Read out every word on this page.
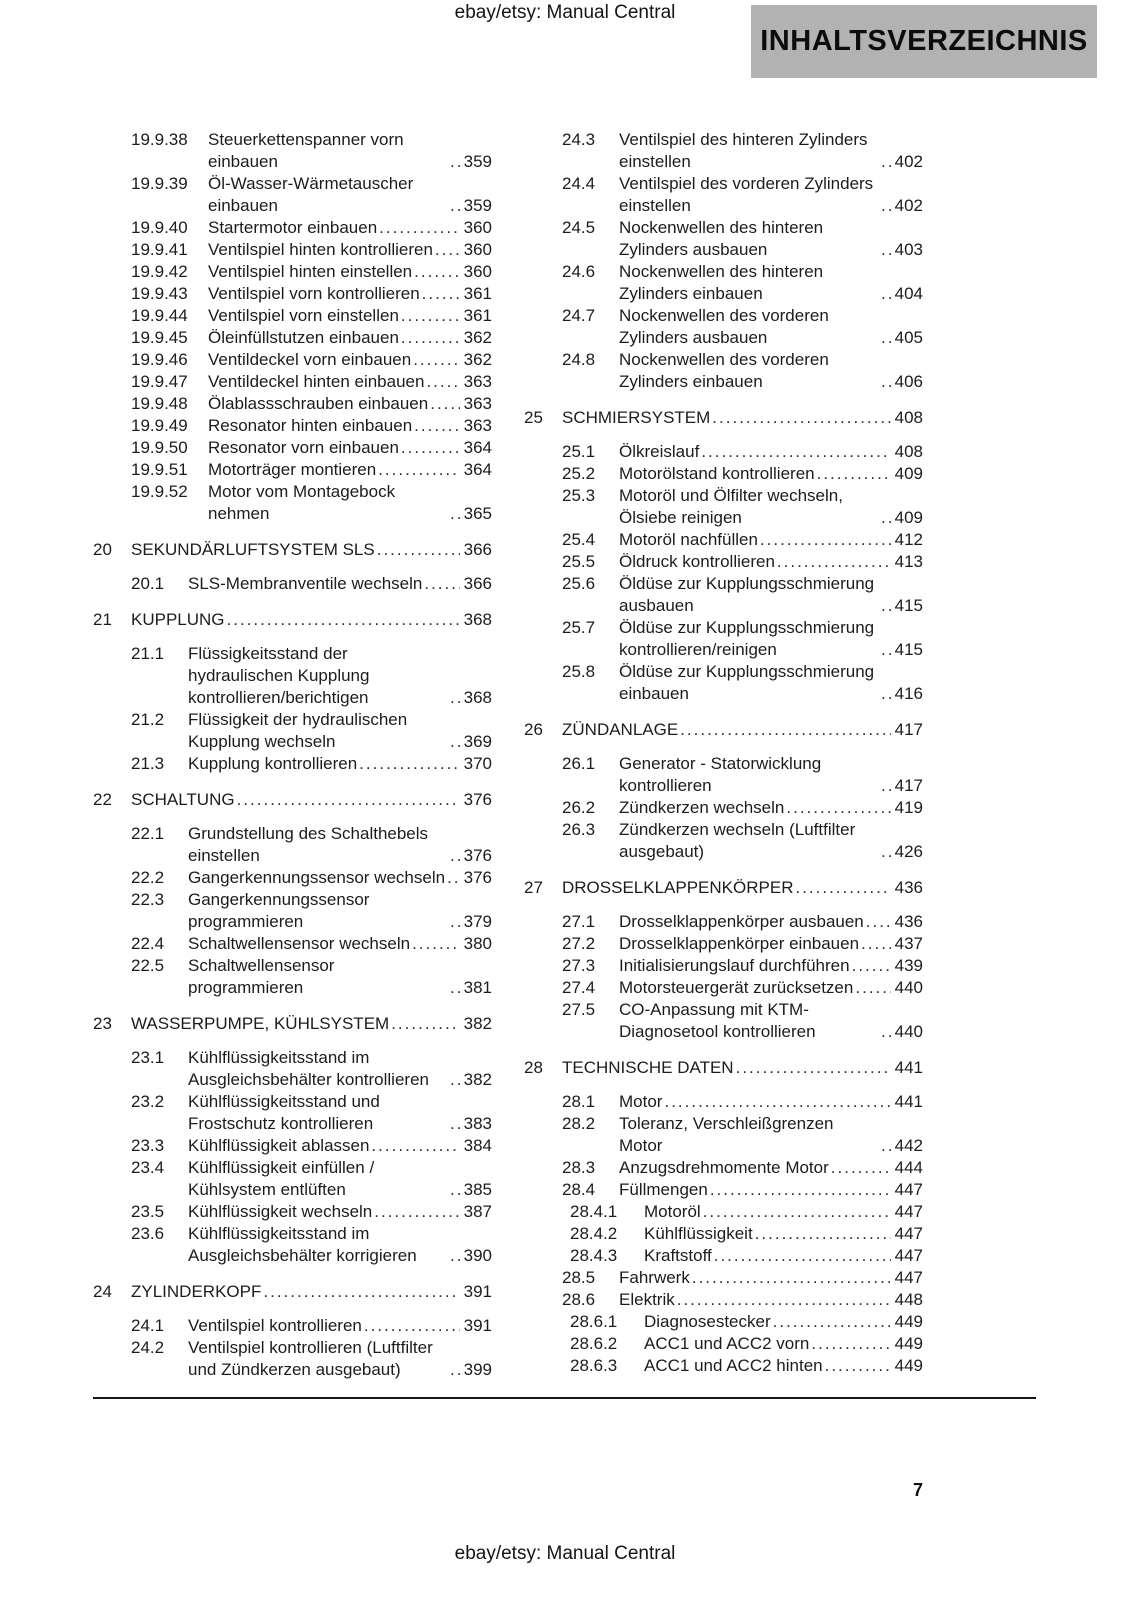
ebay/etsy: Manual Central
INHALTSVERZEICHNIS
19.9.38	Steuerkettenspanner vorn einbauen .....	359
19.9.39	Öl-Wasser-Wärmetauscher einbauen .....	359
19.9.40	Startermotor einbauen .....	360
19.9.41	Ventilspiel hinten kontrollieren ..... 360
19.9.42	Ventilspiel hinten einstellen .....	360
19.9.43	Ventilspiel vorn kontrollieren .....	361
19.9.44	Ventilspiel vorn einstellen .....	361
19.9.45	Öleinfüllstutzen einbauen .....	362
19.9.46	Ventildeckel vorn einbauen .....	362
19.9.47	Ventildeckel hinten einbauen ..... 363
19.9.48	Ölablassschrauben einbauen ..... 363
19.9.49	Resonator hinten einbauen .....	363
19.9.50	Resonator vorn einbauen .....	364
19.9.51	Motorträger montieren .....	364
19.9.52	Motor vom Montagebock nehmen .....	365
20	SEKUNDÄRLUFTSYSTEM SLS .....	366
20.1	SLS-Membranventile wechseln ..... 366
21	KUPPLUNG .....	368
21.1	Flüssigkeitsstand der hydraulischen Kupplung kontrollieren/berichtigen .....	368
21.2	Flüssigkeit der hydraulischen Kupplung wechseln .....	369
21.3	Kupplung kontrollieren .....	370
22	SCHALTUNG .....	376
22.1	Grundstellung des Schalthebels einstellen .....	376
22.2	Gangerkennungssensor wechseln ..... 376
22.3	Gangerkennungssensor programmieren .....	379
22.4	Schaltwellensensor wechseln .....	380
22.5	Schaltwellensensor programmieren .....	381
23	WASSERPUMPE, KÜHLSYSTEM .....	382
23.1	Kühlflüssigkeitsstand im Ausgleichsbehälter kontrollieren .....	382
23.2	Kühlflüssigkeitsstand und Frostschutz kontrollieren .....	383
23.3	Kühlflüssigkeit ablassen .....	384
23.4	Kühlflüssigkeit einfüllen / Kühlsystem entlüften .....	385
23.5	Kühlflüssigkeit wechseln .....	387
23.6	Kühlflüssigkeitsstand im Ausgleichsbehälter korrigieren .....	390
24	ZYLINDERKOPF .....	391
24.1	Ventilspiel kontrollieren .....	391
24.2	Ventilspiel kontrollieren (Luftfilter und Zündkerzen ausgebaut) .....	399
24.3	Ventilspiel des hinteren Zylinders einstellen .....	402
24.4	Ventilspiel des vorderen Zylinders einstellen .....	402
24.5	Nockenwellen des hinteren Zylinders ausbauen .....	403
24.6	Nockenwellen des hinteren Zylinders einbauen .....	404
24.7	Nockenwellen des vorderen Zylinders ausbauen .....	405
24.8	Nockenwellen des vorderen Zylinders einbauen .....	406
25	SCHMIERSYSTEM .....	408
25.1	Ölkreislauf .....	408
25.2	Motorölstand kontrollieren .....	409
25.3	Motoröl und Ölfilter wechseln, Ölsiebe reinigen .....	409
25.4	Motoröl nachfüllen .....	412
25.5	Öldruck kontrollieren .....	413
25.6	Öldüse zur Kupplungsschmierung ausbauen .....	415
25.7	Öldüse zur Kupplungsschmierung kontrollieren/reinigen .....	415
25.8	Öldüse zur Kupplungsschmierung einbauen .....	416
26	ZÜNDANLAGE .....	417
26.1	Generator - Statorwicklung kontrollieren .....	417
26.2	Zündkerzen wechseln .....	419
26.3	Zündkerzen wechseln (Luftfilter ausgebaut) .....	426
27	DROSSELKLAPPENKÖRPER .....	436
27.1	Drosselklappenkörper ausbauen ..... 436
27.2	Drosselklappenkörper einbauen ..... 437
27.3	Initialisierungslauf durchführen .....	439
27.4	Motorsteuergerät zurücksetzen ..... 440
27.5	CO-Anpassung mit KTM-Diagnosetool kontrollieren .....	440
28	TECHNISCHE DATEN .....	441
28.1	Motor .....	441
28.2	Toleranz, Verschleißgrenzen Motor .....	442
28.3	Anzugsdrehmomente Motor .....	444
28.4	Füllmengen .....	447
28.4.1	Motoröl .....	447
28.4.2	Kühlflüssigkeit .....	447
28.4.3	Kraftstoff .....	447
28.5	Fahrwerk .....	447
28.6	Elektrik .....	448
28.6.1	Diagnosestecker .....	449
28.6.2	ACC1 und ACC2 vorn .....	449
28.6.3	ACC1 und ACC2 hinten .....	449
7
ebay/etsy: Manual Central
